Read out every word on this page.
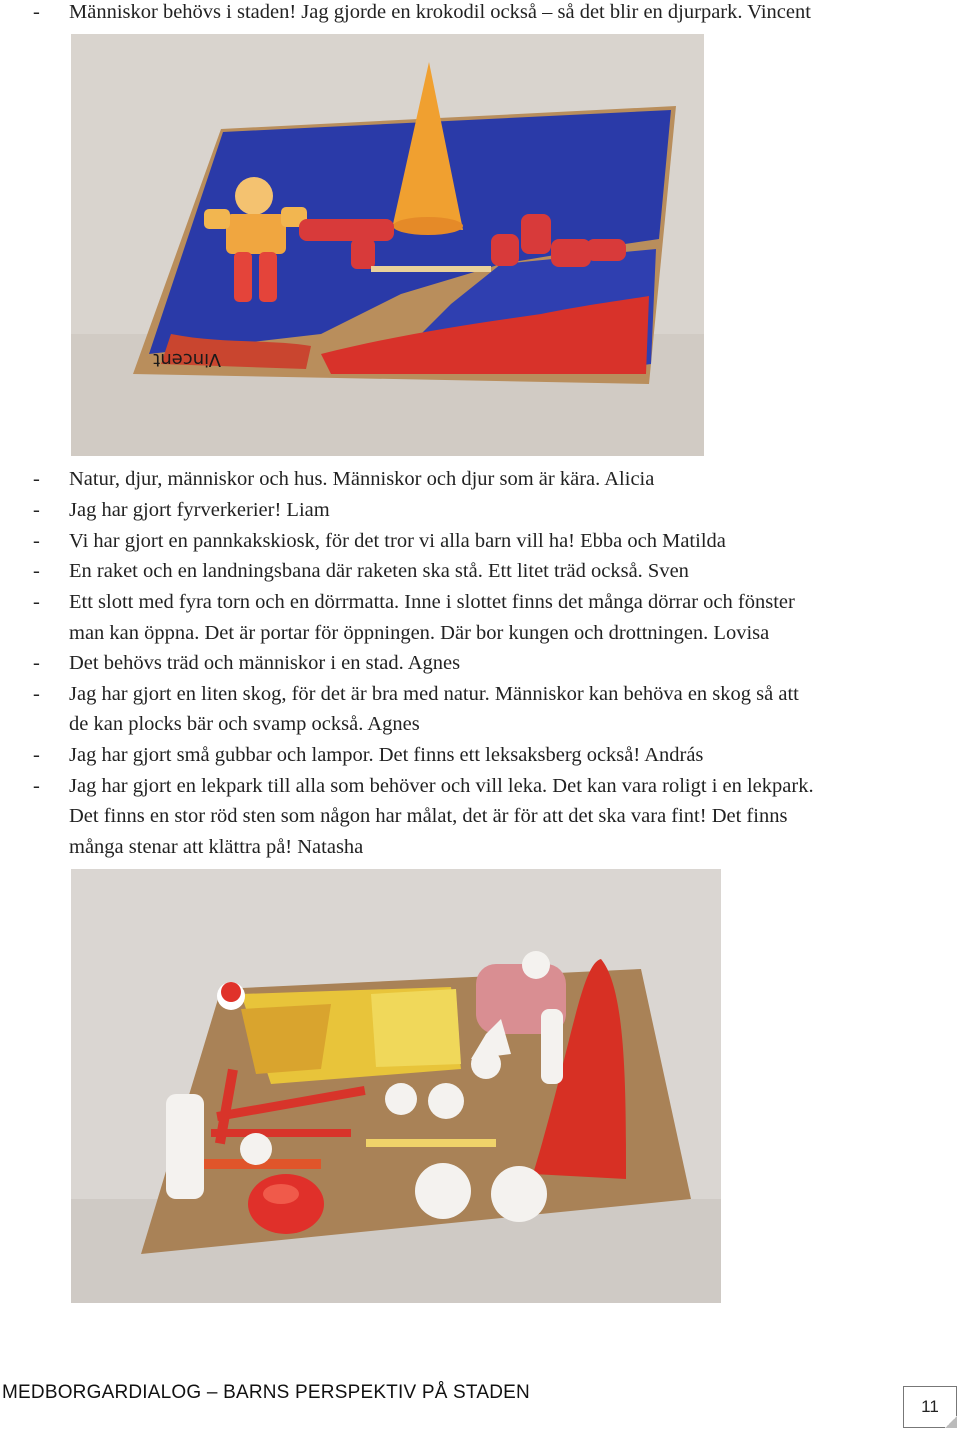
- Människor behövs i staden! Jag gjorde en krokodil också – så det blir en djurpark. Vincent
Vincent
- Natur, djur, människor och hus. Människor och djur som är kära. Alicia
- Jag har gjort fyrverkerier! Liam
- Vi har gjort en pannkakskiosk, för det tror vi alla barn vill ha! Ebba och Matilda
- En raket och en landningsbana där raketen ska stå. Ett litet träd också. Sven
- Ett slott med fyra torn och en dörrmatta. Inne i slottet finns det många dörrar och fönster
man kan öppna. Det är portar för öppningen. Där bor kungen och drottningen. Lovisa
- Det behövs träd och människor i en stad. Agnes
- Jag har gjort en liten skog, för det är bra med natur. Människor kan behöva en skog så att
de kan plocks bär och svamp också. Agnes
- Jag har gjort små gubbar och lampor. Det finns ett leksaksberg också! András
- Jag har gjort en lekpark till alla som behöver och vill leka. Det kan vara roligt i en lekpark.
Det finns en stor röd sten som någon har målat, det är för att det ska vara fint! Det finns
många stenar att klättra på! Natasha
MEDBORGARDIALOG – BARNS PERSPEKTIV PÅ STADEN
11
